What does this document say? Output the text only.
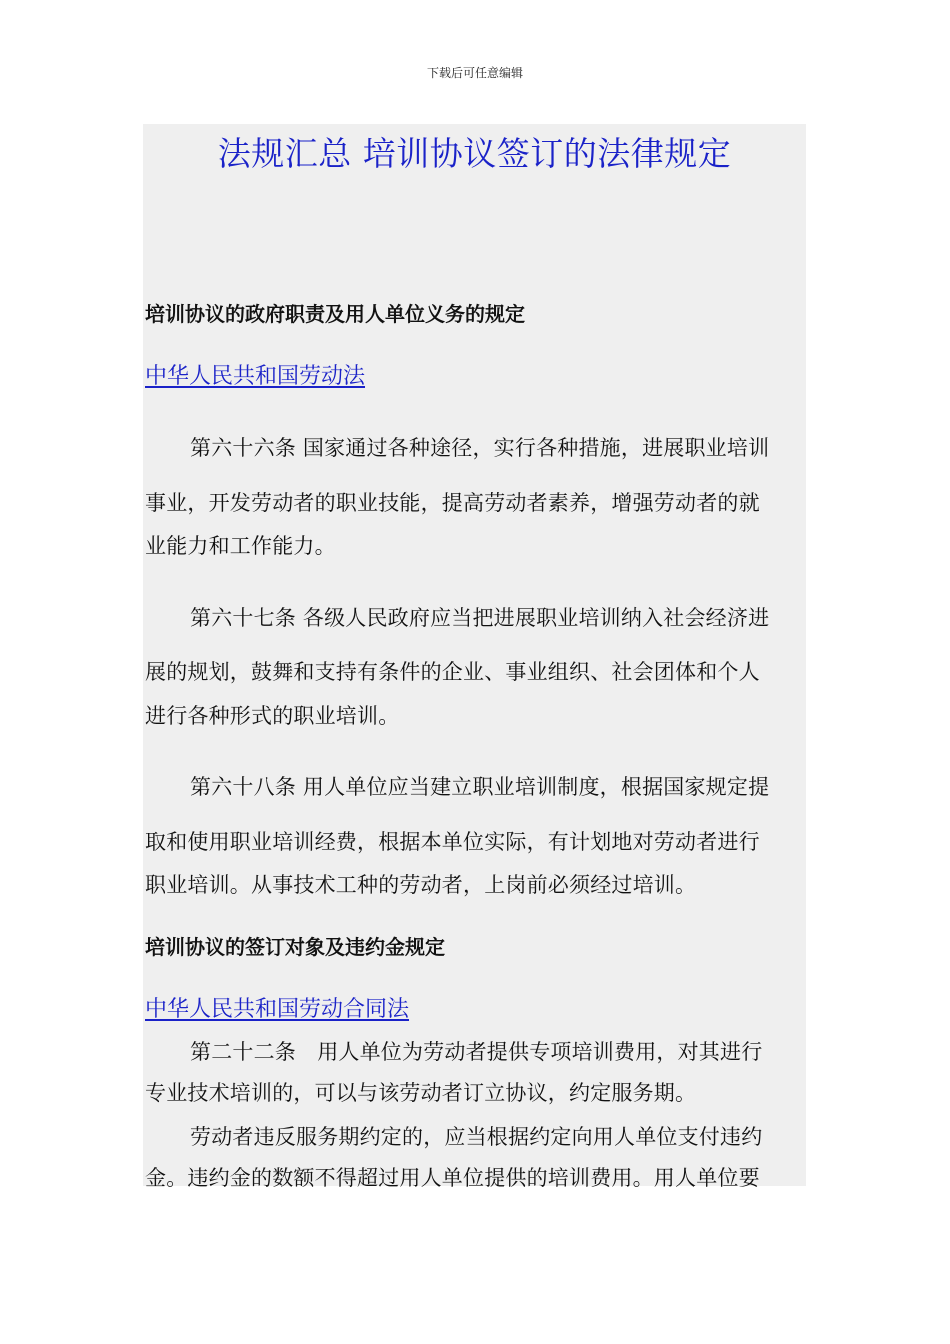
下载后可任意编辑
法规汇总 培训协议签订的法律规定
培训协议的政府职责及用人单位义务的规定
中华人民共和国劳动法
第六十六条 国家通过各种途径，实行各种措施，进展职业培训
事业，开发劳动者的职业技能，提高劳动者素养，增强劳动者的就
业能力和工作能力。
第六十七条 各级人民政府应当把进展职业培训纳入社会经济进
展的规划，鼓舞和支持有条件的企业、事业组织、社会团体和个人
进行各种形式的职业培训。
第六十八条 用人单位应当建立职业培训制度，根据国家规定提
取和使用职业培训经费，根据本单位实际，有计划地对劳动者进行
职业培训。从事技术工种的劳动者，上岗前必须经过培训。
培训协议的签订对象及违约金规定
中华人民共和国劳动合同法
第二十二条　用人单位为劳动者提供专项培训费用，对其进行
专业技术培训的，可以与该劳动者订立协议，约定服务期。
劳动者违反服务期约定的，应当根据约定向用人单位支付违约
金。违约金的数额不得超过用人单位提供的培训费用。用人单位要
